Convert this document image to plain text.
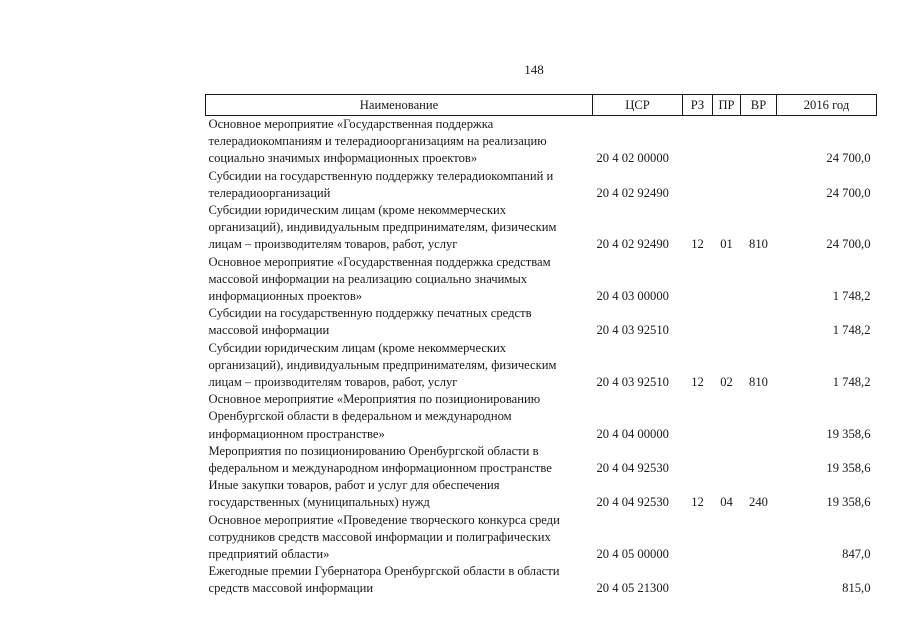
148
Наименование	ЦСР	РЗ	ПР	ВР	2016 год

Основное мероприятие «Государственная поддержка
телерадиокомпаниям и телерадиоорганизациям на реализацию
социально значимых информационных проектов»	20 4 02 00000				24 700,0

Субсидии на государственную поддержку телерадиокомпаний и
телерадиоорганизаций	20 4 02 92490				24 700,0

Субсидии юридическим лицам (кроме некоммерческих
организаций), индивидуальным предпринимателям, физическим
лицам – производителям товаров, работ, услуг	20 4 02 92490	12	01	810	24 700,0

Основное мероприятие «Государственная поддержка средствам
массовой информации на реализацию социально значимых
информационных проектов»	20 4 03 00000				1 748,2

Субсидии на государственную поддержку печатных средств
массовой информации	20 4 03 92510				1 748,2

Субсидии юридическим лицам (кроме некоммерческих
организаций), индивидуальным предпринимателям, физическим
лицам – производителям товаров, работ, услуг	20 4 03 92510	12	02	810	1 748,2

Основное мероприятие «Мероприятия по позиционированию
Оренбургской области в федеральном и международном
информационном пространстве»	20 4 04 00000				19 358,6

Мероприятия по позиционированию Оренбургской области в
федеральном и международном информационном пространстве	20 4 04 92530				19 358,6

Иные закупки товаров, работ и услуг для обеспечения
государственных (муниципальных) нужд	20 4 04 92530	12	04	240	19 358,6

Основное мероприятие «Проведение творческого конкурса среди
сотрудников средств массовой информации и полиграфических
предприятий области»	20 4 05 00000				847,0

Ежегодные премии Губернатора Оренбургской области в области
средств массовой информации	20 4 05 21300				815,0
